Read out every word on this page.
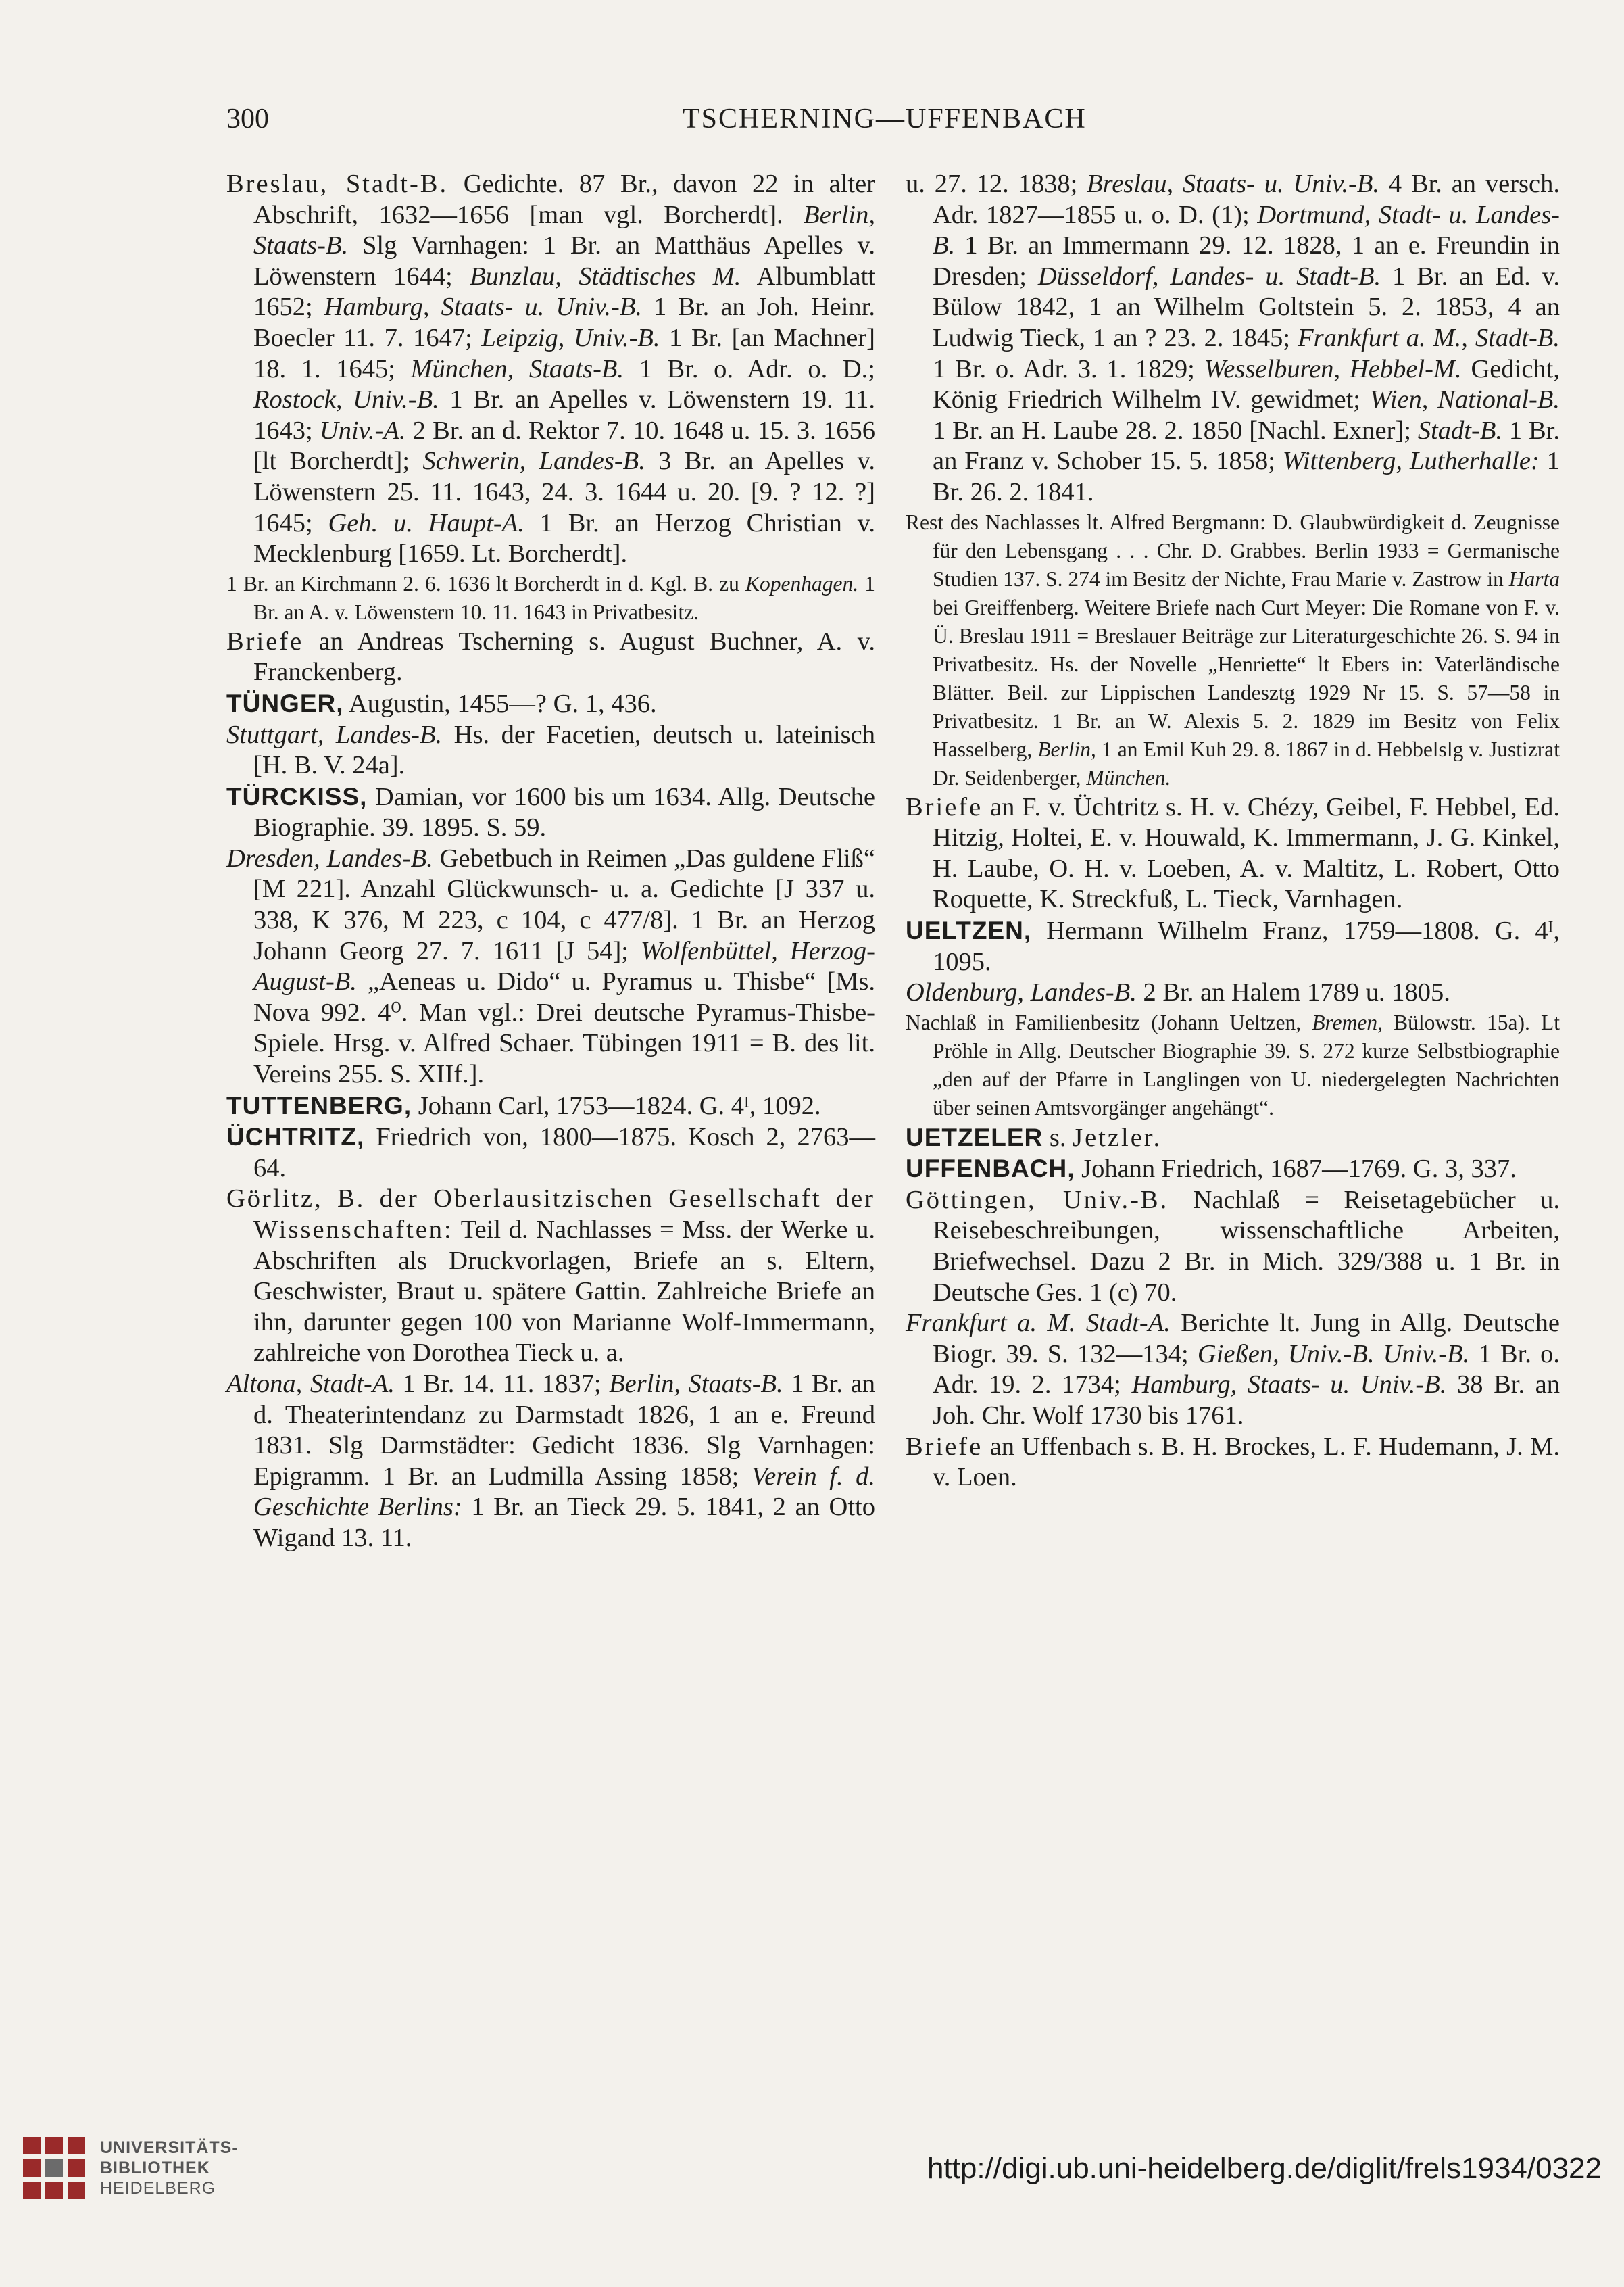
300	TSCHERNING—UFFENBACH

Breslau, Stadt-B. Gedichte. 87 Br., davon 22 in alter Abschrift, 1632—1656 [man vgl. Borcherdt]. Berlin, Staats-B. Slg Varnhagen: 1 Br. an Matthäus Apelles v. Löwenstern 1644; Bunzlau, Städtisches M. Albumblatt 1652; Hamburg, Staats- u. Univ.-B. 1 Br. an Joh. Heinr. Boecler 11. 7. 1647; Leipzig, Univ.-B. 1 Br. [an Machner] 18. 1. 1645; München, Staats-B. 1 Br. o. Adr. o. D.; Rostock, Univ.-B. 1 Br. an Apelles v. Löwenstern 19. 11. 1643; Univ.-A. 2 Br. an d. Rektor 7. 10. 1648 u. 15. 3. 1656 [lt Borcherdt]; Schwerin, Landes-B. 3 Br. an Apelles v. Löwenstern 25. 11. 1643, 24. 3. 1644 u. 20. [9. ? 12. ?] 1645; Geh. u. Haupt-A. 1 Br. an Herzog Christian v. Mecklenburg [1659. Lt. Borcherdt].

1 Br. an Kirchmann 2. 6. 1636 lt Borcherdt in d. Kgl. B. zu Kopenhagen. 1 Br. an A. v. Löwenstern 10. 11. 1643 in Privatbesitz.

Briefe an Andreas Tscherning s. August Buchner, A. v. Franckenberg.

TÜNGER, Augustin, 1455—? G. 1, 436.

Stuttgart, Landes-B. Hs. der Facetien, deutsch u. lateinisch [H. B. V. 24a].

TÜRCKISS, Damian, vor 1600 bis um 1634. Allg. Deutsche Biographie. 39. 1895. S. 59.

Dresden, Landes-B. Gebetbuch in Reimen „Das guldene Fliß“ [M 221]. Anzahl Glückwunsch- u. a. Gedichte [J 337 u. 338, K 376, M 223, c 104, c 477/8]. 1 Br. an Herzog Johann Georg 27. 7. 1611 [J 54]; Wolfenbüttel, Herzog-August-B. „Aeneas u. Dido“ u. Pyramus u. Thisbe“ [Ms. Nova 992. 4⁰. Man vgl.: Drei deutsche Pyramus-Thisbe-Spiele. Hrsg. v. Alfred Schaer. Tübingen 1911 = B. des lit. Vereins 255. S. XIIf.].

TUTTENBERG, Johann Carl, 1753—1824. G. 4ᴵ, 1092.

ÜCHTRITZ, Friedrich von, 1800—1875. Kosch 2, 2763—64.

Görlitz, B. der Oberlausitzischen Gesellschaft der Wissenschaften: Teil d. Nachlasses = Mss. der Werke u. Abschriften als Druckvorlagen, Briefe an s. Eltern, Geschwister, Braut u. spätere Gattin. Zahlreiche Briefe an ihn, darunter gegen 100 von Marianne Wolf-Immermann, zahlreiche von Dorothea Tieck u. a.

Altona, Stadt-A. 1 Br. 14. 11. 1837; Berlin, Staats-B. 1 Br. an d. Theaterintendanz zu Darmstadt 1826, 1 an e. Freund 1831. Slg Darmstädter: Gedicht 1836. Slg Varnhagen: Epigramm. 1 Br. an Ludmilla Assing 1858; Verein f. d. Geschichte Berlins: 1 Br. an Tieck 29. 5. 1841, 2 an Otto Wigand 13. 11.

u. 27. 12. 1838; Breslau, Staats- u. Univ.-B. 4 Br. an versch. Adr. 1827—1855 u. o. D. (1); Dortmund, Stadt- u. Landes-B. 1 Br. an Immermann 29. 12. 1828, 1 an e. Freundin in Dresden; Düsseldorf, Landes- u. Stadt-B. 1 Br. an Ed. v. Bülow 1842, 1 an Wilhelm Goltstein 5. 2. 1853, 4 an Ludwig Tieck, 1 an ? 23. 2. 1845; Frankfurt a. M., Stadt-B. 1 Br. o. Adr. 3. 1. 1829; Wesselburen, Hebbel-M. Gedicht, König Friedrich Wilhelm IV. gewidmet; Wien, National-B. 1 Br. an H. Laube 28. 2. 1850 [Nachl. Exner]; Stadt-B. 1 Br. an Franz v. Schober 15. 5. 1858; Wittenberg, Lutherhalle: 1 Br. 26. 2. 1841.

Rest des Nachlasses lt. Alfred Bergmann: D. Glaubwürdigkeit d. Zeugnisse für den Lebensgang . . . Chr. D. Grabbes. Berlin 1933 = Germanische Studien 137. S. 274 im Besitz der Nichte, Frau Marie v. Zastrow in Harta bei Greiffenberg. Weitere Briefe nach Curt Meyer: Die Romane von F. v. Ü. Breslau 1911 = Breslauer Beiträge zur Literaturgeschichte 26. S. 94 in Privatbesitz. Hs. der Novelle „Henriette“ lt Ebers in: Vaterländische Blätter. Beil. zur Lippischen Landesztg 1929 Nr 15. S. 57—58 in Privatbesitz. 1 Br. an W. Alexis 5. 2. 1829 im Besitz von Felix Hasselberg, Berlin, 1 an Emil Kuh 29. 8. 1867 in d. Hebbelslg v. Justizrat Dr. Seidenberger, München.

Briefe an F. v. Üchtritz s. H. v. Chézy, Geibel, F. Hebbel, Ed. Hitzig, Holtei, E. v. Houwald, K. Immermann, J. G. Kinkel, H. Laube, O. H. v. Loeben, A. v. Maltitz, L. Robert, Otto Roquette, K. Streckfuß, L. Tieck, Varnhagen.

UELTZEN, Hermann Wilhelm Franz, 1759—1808. G. 4ᴵ, 1095.

Oldenburg, Landes-B. 2 Br. an Halem 1789 u. 1805.

Nachlaß in Familienbesitz (Johann Ueltzen, Bremen, Bülowstr. 15a). Lt Pröhle in Allg. Deutscher Biographie 39. S. 272 kurze Selbstbiographie „den auf der Pfarre in Langlingen von U. niedergelegten Nachrichten über seinen Amtsvorgänger angehängt“.

UETZELER s. Jetzler.

UFFENBACH, Johann Friedrich, 1687—1769. G. 3, 337.

Göttingen, Univ.-B. Nachlaß = Reisetagebücher u. Reisebeschreibungen, wissenschaftliche Arbeiten, Briefwechsel. Dazu 2 Br. in Mich. 329/388 u. 1 Br. in Deutsche Ges. 1 (c) 70.

Frankfurt a. M. Stadt-A. Berichte lt. Jung in Allg. Deutsche Biogr. 39. S. 132—134; Gießen, Univ.-B. Univ.-B. 1 Br. o. Adr. 19. 2. 1734; Hamburg, Staats- u. Univ.-B. 38 Br. an Joh. Chr. Wolf 1730 bis 1761.

Briefe an Uffenbach s. B. H. Brockes, L. F. Hudemann, J. M. v. Loen.

UNIVERSITÄTS-
BIBLIOTHEK
HEIDELBERG
http://digi.ub.uni-heidelberg.de/diglit/frels1934/0322
